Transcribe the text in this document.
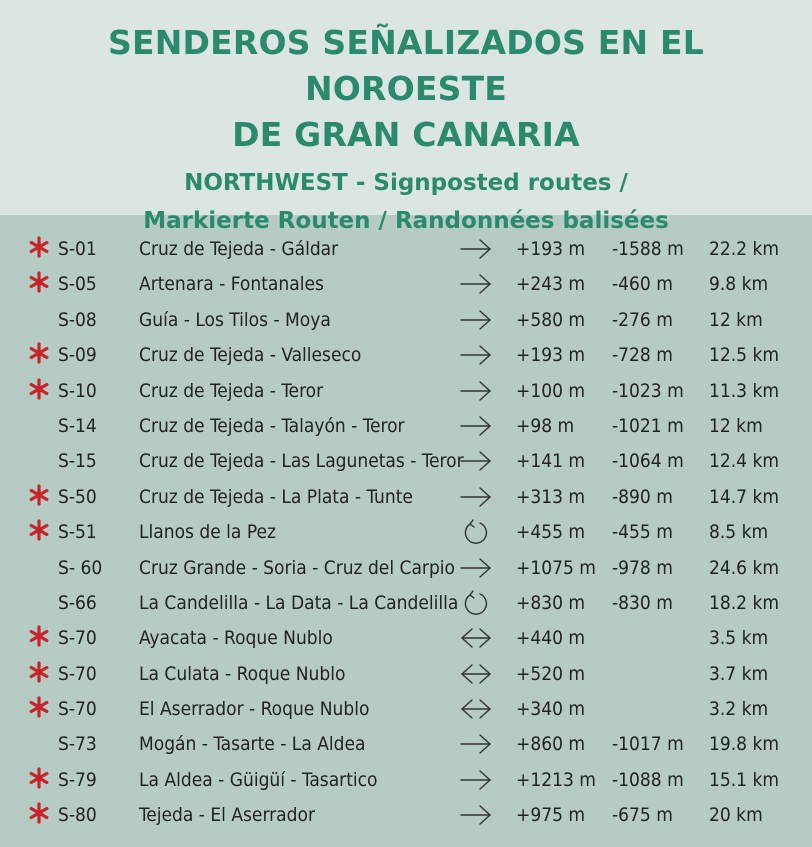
SENDEROS SEÑALIZADOS EN EL NOROESTE
DE GRAN CANARIA
NORTHWEST - Signposted routes /
Markierte Routen / Randonnées balisées
S-01 Cruz de Tejeda - Gáldar	+193 m -1588 m 22.2 km
S-05 Artenara - Fontanales	+243 m -460 m 9.8 km
S-08 Guía - Los Tilos - Moya	+580 m -276 m 12 km
S-09 Cruz de Tejeda - Valleseco	+193 m -728 m 12.5 km
S-10 Cruz de Tejeda - Teror	+100 m -1023 m 11.3 km
S-14 Cruz de Tejeda - Talayón - Teror	+98 m -1021 m 12 km
S-15 Cruz de Tejeda - Las Lagunetas - Teror	+141 m -1064 m 12.4 km
S-50 Cruz de Tejeda - La Plata - Tunte	+313 m -890 m 14.7 km
S-51 Llanos de la Pez	+455 m -455 m 8.5 km
S- 60 Cruz Grande - Soria - Cruz del Carpio	+1075 m -978 m 24.6 km
S-66 La Candelilla - La Data - La Candelilla	+830 m -830 m 18.2 km
S-70 Ayacata - Roque Nublo	+440 m	3.5 km
S-70 La Culata - Roque Nublo	+520 m	3.7 km
S-70 El Aserrador - Roque Nublo	+340 m	3.2 km
S-73 Mogán - Tasarte - La Aldea	+860 m -1017 m 19.8 km
S-79 La Aldea - Güigüí - Tasartico	+1213 m -1088 m 15.1 km
S-80 Tejeda - El Aserrador	+975 m -675 m 20 km
